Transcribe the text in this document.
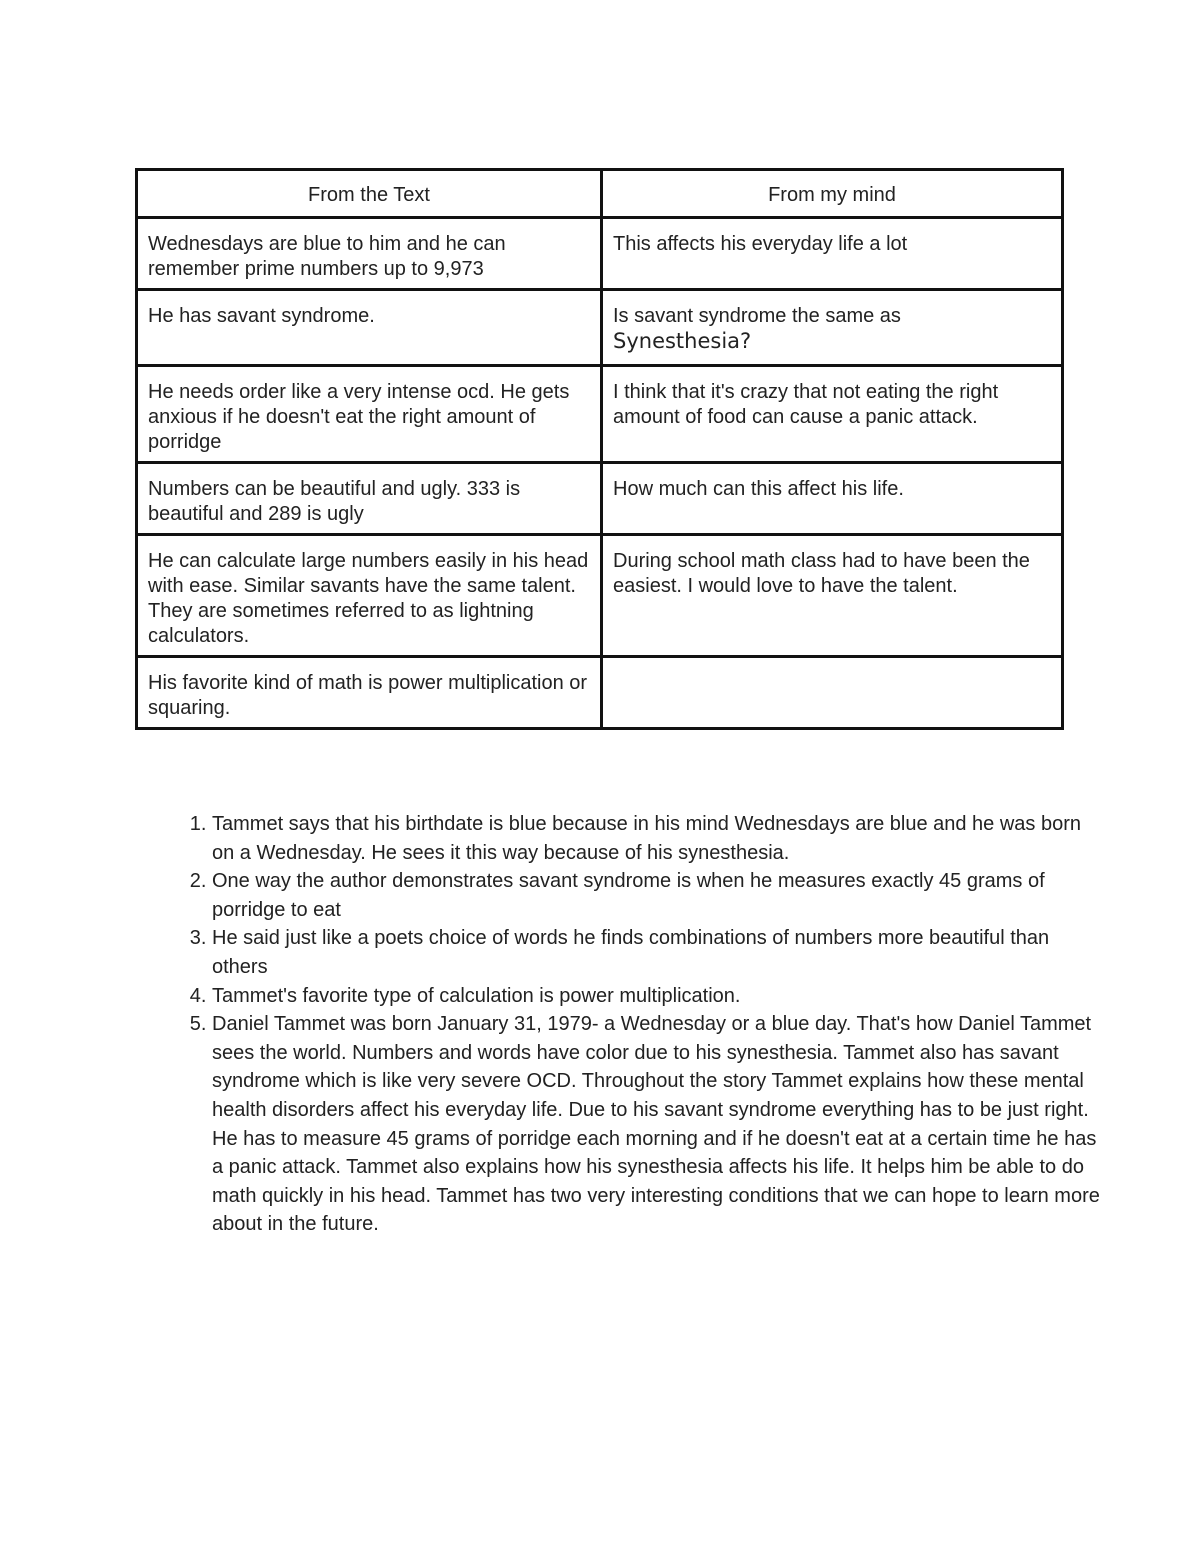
From the Text	From my mind
Wednesdays are blue to him and he can remember prime numbers up to 9,973	This affects his everyday life a lot
He has savant syndrome.	Is savant syndrome the same as
Synesthesia?
He needs order like a very intense ocd. He gets anxious if he doesn't eat the right amount of porridge	I think that it's crazy that not eating the right amount of food can cause a panic attack.
Numbers can be beautiful and ugly. 333 is beautiful and 289 is ugly	How much can this affect his life.
He can calculate large numbers easily in his head with ease. Similar savants have the same talent. They are sometimes referred to as lightning calculators.	During school math class had to have been the easiest. I would love to have the talent.
His favorite kind of math is power multiplication or squaring.	
1. Tammet says that his birthdate is blue because in his mind Wednesdays are blue and he was born on a Wednesday. He sees it this way because of his synesthesia.
2. One way the author demonstrates savant syndrome is when he measures exactly 45 grams of porridge to eat
3. He said just like a poets choice of words he finds combinations of numbers more beautiful than others
4. Tammet's favorite type of calculation is power multiplication.
5. Daniel Tammet was born January 31, 1979- a Wednesday or a blue day. That's how Daniel Tammet sees the world. Numbers and words have color due to his synesthesia. Tammet also has savant syndrome which is like very severe OCD. Throughout the story Tammet explains how these mental health disorders affect his everyday life. Due to his savant syndrome everything has to be just right. He has to measure 45 grams of porridge each morning and if he doesn't eat at a certain time he has a panic attack. Tammet also explains how his synesthesia affects his life. It helps him be able to do math quickly in his head. Tammet has two very interesting conditions that we can hope to learn more about in the future.
